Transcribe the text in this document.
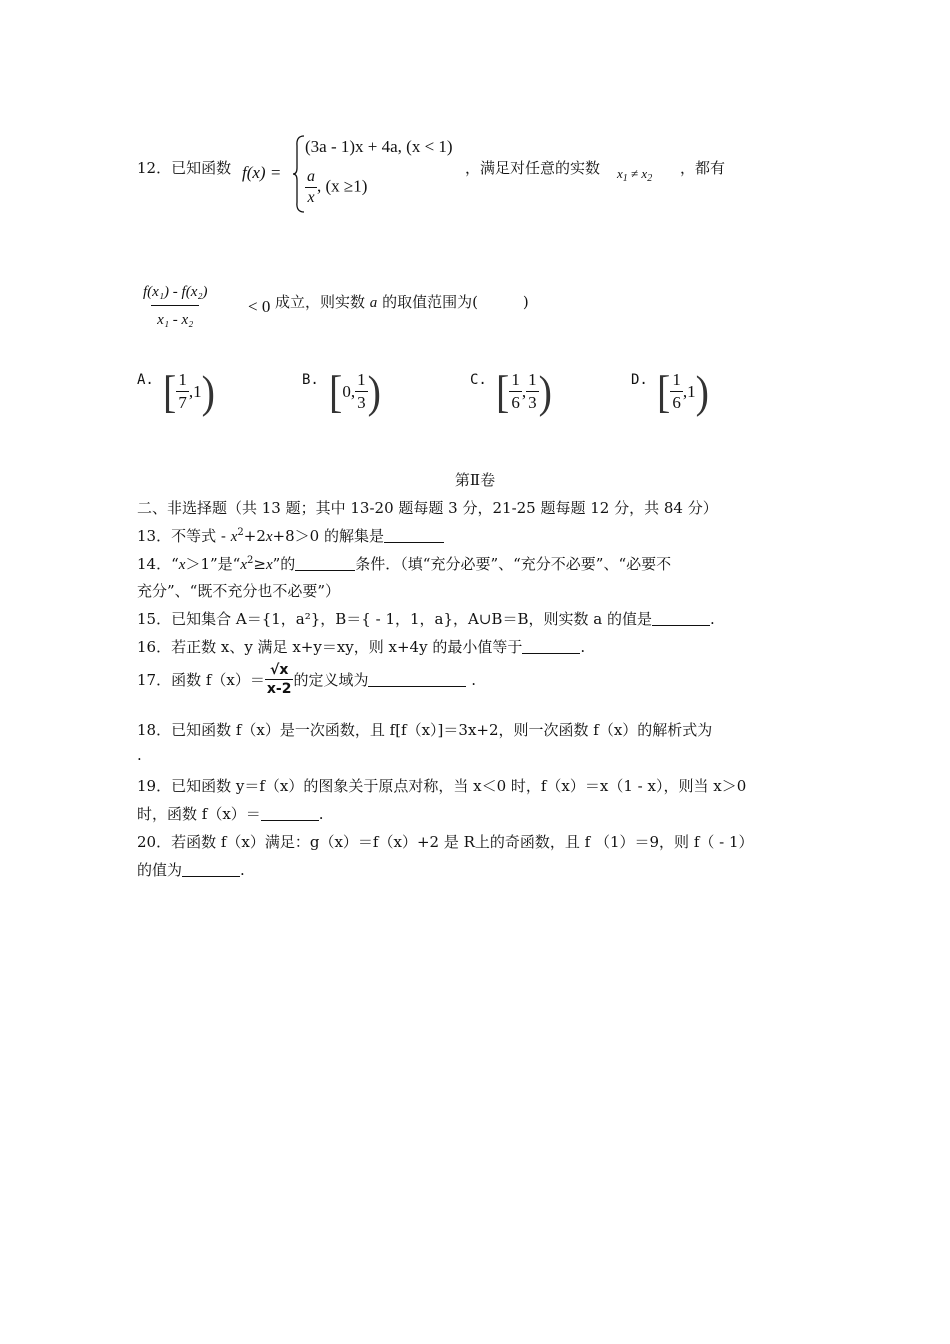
12．已知函数 f(x) =
(3a - 1)x + 4a, (x < 1)
$\frac{a}{x}$ , (x ≥1)
，满足对任意的实数 $x_1 \ne x_2$
，都有
$\frac{\text{f(x₁) - f(x₂)}}{\text{x₁ - x₂}} < 0$ 成立，则实数 a 的取值范围为(　　　)
A. [ $\frac{1}{7} ,1$ )	B. [ 0, $\frac{1}{3}$ )	C. [ $\frac{1}{6}$ , $\frac{1}{3}$ )	D. [ $\frac{1}{6} ,1$ )
第Ⅱ卷
二、非选择题（共 13 题；其中 13-20 题每题 3 分，21-25 题每题 12 分，共 84 分）
13．不等式 - $x^2+2x+8>0$ 的解集是
14．“x＞1”是“$x^2\ge x$”的	条件．（填“充分必要”、“充分不必要”、“必要不
充分”、“既不充分也不必要”）
15．已知集合 A＝{1，a²}，B＝{ - 1，1，a}，A∪B＝B，则实数 a 的值是	.
16．若正数 x、y 满足 x+y＝xy，则 x+4y 的最小值等于	.
17．函数 $f(x)= \frac{√x}{x-2}$ 的定义域为
	.
18．已知函数 f（x）是一次函数，且 f[f（x）]＝3x+2，则一次函数 f（x）的解析式为
.
19．已知函数 y＝f（x）的图象关于原点对称，当 x＜0 时，f（x）＝x（1 - x），则当 x＞0
时，函数 f（x）＝	.
20．若函数 f（x）满足：g（x）＝f（x）+2 是 R上的奇函数，且 f （1）＝9，则 f（ - 1）
的值为	.
